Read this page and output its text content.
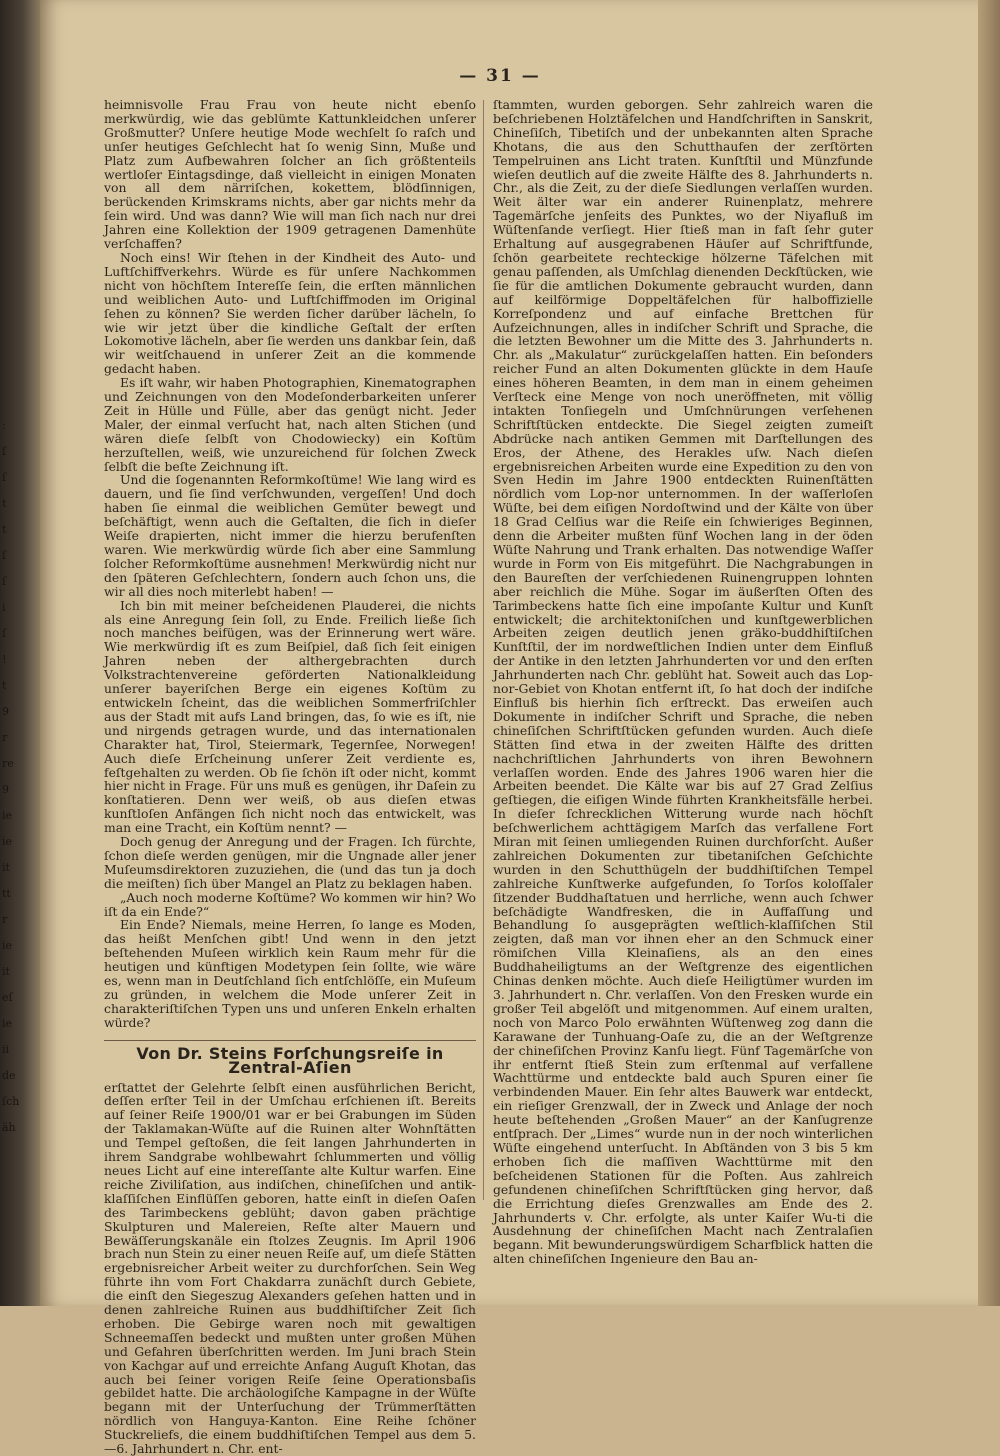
:
ſ
ſ
t
t
ſ
ſ
i
ſ
!
t
9
r
re
9
ie
ie
it
tt
r
ie
it
eſ
ie
ii
de
ſch
äh
— 31 —

heimnisvolle Frau Frau von heute nicht ebenſo merkwürdig, wie das geblümte Kattunkleidchen unſerer Großmutter? Unſere heutige Mode wechſelt ſo raſch und unſer heutiges Geſchlecht hat ſo wenig Sinn, Muße und Platz zum Aufbewahren ſolcher an ſich größtenteils wertloſer Eintagsdinge, daß vielleicht in einigen Monaten von all dem närriſchen, kokettem, blödſinnigen, berückenden Krimskrams nichts, aber gar nichts mehr da ſein wird. Und was dann? Wie will man ſich nach nur drei Jahren eine Kollektion der 1909 getragenen Damenhüte verſchaffen?

Noch eins! Wir ſtehen in der Kindheit des Auto- und Luftſchiffverkehrs. Würde es für unſere Nachkommen nicht von höchſtem Intereſſe ſein, die erſten männlichen und weiblichen Auto- und Luftſchiffmoden im Original ſehen zu können? Sie werden ſicher darüber lächeln, ſo wie wir jetzt über die kindliche Geſtalt der erſten Lokomotive lächeln, aber ſie werden uns dankbar ſein, daß wir weitſchauend in unſerer Zeit an die kommende gedacht haben.

Es iſt wahr, wir haben Photographien, Kinematographen und Zeichnungen von den Modeſonderbarkeiten unſerer Zeit in Hülle und Fülle, aber das genügt nicht. Jeder Maler, der einmal verſucht hat, nach alten Stichen (und wären dieſe ſelbſt von Chodowiecky) ein Koſtüm herzuſtellen, weiß, wie unzureichend für ſolchen Zweck ſelbſt die beſte Zeichnung iſt.

Und die ſogenannten Reformkoſtüme! Wie lang wird es dauern, und ſie ſind verſchwunden, vergeſſen! Und doch haben ſie einmal die weiblichen Gemüter bewegt und beſchäftigt, wenn auch die Geſtalten, die ſich in dieſer Weiſe drapierten, nicht immer die hierzu berufenſten waren. Wie merkwürdig würde ſich aber eine Sammlung ſolcher Reformkoſtüme ausnehmen! Merkwürdig nicht nur den ſpäteren Geſchlechtern, ſondern auch ſchon uns, die wir all dies noch miterlebt haben! —

Ich bin mit meiner beſcheidenen Plauderei, die nichts als eine Anregung ſein ſoll, zu Ende. Freilich ließe ſich noch manches beifügen, was der Erinnerung wert wäre. Wie merkwürdig iſt es zum Beiſpiel, daß ſich ſeit einigen Jahren neben der althergebrachten durch Volkstrachtenvereine geförderten Nationalkleidung unſerer bayeriſchen Berge ein eigenes Koſtüm zu entwickeln ſcheint, das die weiblichen Sommerfriſchler aus der Stadt mit aufs Land bringen, das, ſo wie es iſt, nie und nirgends getragen wurde, und das internationalen Charakter hat, Tirol, Steiermark, Tegernſee, Norwegen! Auch dieſe Erſcheinung unſerer Zeit verdiente es, feſtgehalten zu werden. Ob ſie ſchön iſt oder nicht, kommt hier nicht in Frage. Für uns muß es genügen, ihr Daſein zu konſtatieren. Denn wer weiß, ob aus dieſen etwas kunſtloſen Anfängen ſich nicht noch das entwickelt, was man eine Tracht, ein Koſtüm nennt? —

Doch genug der Anregung und der Fragen. Ich fürchte, ſchon dieſe werden genügen, mir die Ungnade aller jener Muſeumsdirektoren zuzuziehen, die (und das tun ja doch die meiſten) ſich über Mangel an Platz zu beklagen haben.

„Auch noch moderne Koſtüme? Wo kommen wir hin? Wo iſt da ein Ende?“

Ein Ende? Niemals, meine Herren, ſo lange es Moden, das heißt Menſchen gibt! Und wenn in den jetzt beſtehenden Muſeen wirklich kein Raum mehr für die heutigen und künftigen Modetypen ſein ſollte, wie wäre es, wenn man in Deutſchland ſich entſchlöſſe, ein Muſeum zu gründen, in welchem die Mode unſerer Zeit in charakteriſtiſchen Typen uns und unſeren Enkeln erhalten würde?

Von Dr. Steins Forſchungsreiſe in Zentral-Aſien

erſtattet der Gelehrte ſelbſt einen ausführlichen Bericht, deſſen erſter Teil in der Umſchau erſchienen iſt. Bereits auf ſeiner Reiſe 1900/01 war er bei Grabungen im Süden der Taklamakan-Wüſte auf die Ruinen alter Wohnſtätten und Tempel geſtoßen, die ſeit langen Jahrhunderten in ihrem Sandgrabe wohlbewahrt ſchlummerten und völlig neues Licht auf eine intereſſante alte Kultur warfen. Eine reiche Ziviliſation, aus indiſchen, chineſiſchen und antik-klaſſiſchen Einflüſſen geboren, hatte einſt in dieſen Oaſen des Tarimbeckens geblüht; davon gaben prächtige Skulpturen und Malereien, Reſte alter Mauern und Bewäſſerungskanäle ein ſtolzes Zeugnis. Im April 1906 brach nun Stein zu einer neuen Reiſe auf, um dieſe Stätten ergebnisreicher Arbeit weiter zu durchforſchen. Sein Weg führte ihn vom Fort Chakdarra zunächſt durch Gebiete, die einſt den Siegeszug Alexanders geſehen hatten und in denen zahlreiche Ruinen aus buddhiſtiſcher Zeit ſich erhoben. Die Gebirge waren noch mit gewaltigen Schneemaſſen bedeckt und mußten unter großen Mühen und Gefahren überſchritten werden. Im Juni brach Stein von Kachgar auf und erreichte Anfang Auguſt Khotan, das auch bei ſeiner vorigen Reiſe ſeine Operationsbaſis gebildet hatte. Die archäologiſche Kampagne in der Wüſte begann mit der Unterſuchung der Trümmerſtätten nördlich von Hanguya-Kanton. Eine Reihe ſchöner Stuckreliefs, die einem buddhiſtiſchen Tempel aus dem 5.—6. Jahrhundert n. Chr. ent-

ſtammten, wurden geborgen. Sehr zahlreich waren die beſchriebenen Holztäfelchen und Handſchriften in Sanskrit, Chineſiſch, Tibetiſch und der unbekannten alten Sprache Khotans, die aus den Schutthaufen der zerſtörten Tempelruinen ans Licht traten. Kunſtſtil und Münzfunde wieſen deutlich auf die zweite Hälfte des 8. Jahrhunderts n. Chr., als die Zeit, zu der dieſe Siedlungen verlaſſen wurden. Weit älter war ein anderer Ruinenplatz, mehrere Tagemärſche jenſeits des Punktes, wo der Niyafluß im Wüſtenſande verſiegt. Hier ſtieß man in faſt ſehr guter Erhaltung auf ausgegrabenen Häuſer auf Schriftfunde, ſchön gearbeitete rechteckige hölzerne Täfelchen mit genau paſſenden, als Umſchlag dienenden Deckſtücken, wie ſie für die amtlichen Dokumente gebraucht wurden, dann auf keilförmige Doppeltäfelchen für halboffizielle Korreſpondenz und auf einfache Brettchen für Aufzeichnungen, alles in indiſcher Schrift und Sprache, die die letzten Bewohner um die Mitte des 3. Jahrhunderts n. Chr. als „Makulatur“ zurückgelaſſen hatten. Ein beſonders reicher Fund an alten Dokumenten glückte in dem Hauſe eines höheren Beamten, in dem man in einem geheimen Verſteck eine Menge von noch uneröffneten, mit völlig intakten Tonſiegeln und Umſchnürungen verſehenen Schriftſtücken entdeckte. Die Siegel zeigten zumeiſt Abdrücke nach antiken Gemmen mit Darſtellungen des Eros, der Athene, des Herakles uſw. Nach dieſen ergebnisreichen Arbeiten wurde eine Expedition zu den von Sven Hedin im Jahre 1900 entdeckten Ruinenſtätten nördlich vom Lop-nor unternommen. In der waſſerloſen Wüſte, bei dem eiſigen Nordoſtwind und der Kälte von über 18 Grad Celſius war die Reiſe ein ſchwieriges Beginnen, denn die Arbeiter mußten fünf Wochen lang in der öden Wüſte Nahrung und Trank erhalten. Das notwendige Waſſer wurde in Form von Eis mitgeführt. Die Nachgrabungen in den Baureſten der verſchiedenen Ruinengruppen lohnten aber reichlich die Mühe. Sogar im äußerſten Oſten des Tarimbeckens hatte ſich eine impoſante Kultur und Kunſt entwickelt; die architektoniſchen und kunſtgewerblichen Arbeiten zeigen deutlich jenen gräko-buddhiſtiſchen Kunſtſtil, der im nordweſtlichen Indien unter dem Einfluß der Antike in den letzten Jahrhunderten vor und den erſten Jahrhunderten nach Chr. geblüht hat. Soweit auch das Lop-nor-Gebiet von Khotan entfernt iſt, ſo hat doch der indiſche Einfluß bis hierhin ſich erſtreckt. Das erweiſen auch Dokumente in indiſcher Schrift und Sprache, die neben chineſiſchen Schriftſtücken gefunden wurden. Auch dieſe Stätten ſind etwa in der zweiten Hälfte des dritten nachchriſtlichen Jahrhunderts von ihren Bewohnern verlaſſen worden. Ende des Jahres 1906 waren hier die Arbeiten beendet. Die Kälte war bis auf 27 Grad Zelſius geſtiegen, die eiſigen Winde führten Krankheitsfälle herbei. In dieſer ſchrecklichen Witterung wurde nach höchſt beſchwerlichem achttägigem Marſch das verfallene Fort Miran mit ſeinen umliegenden Ruinen durchforſcht. Außer zahlreichen Dokumenten zur tibetaniſchen Geſchichte wurden in den Schutthügeln der buddhiſtiſchen Tempel zahlreiche Kunſtwerke aufgefunden, ſo Torſos koloſſaler ſitzender Buddhaſtatuen und herrliche, wenn auch ſchwer beſchädigte Wandfresken, die in Auffaſſung und Behandlung ſo ausgeprägten weſtlich-klaſſiſchen Stil zeigten, daß man vor ihnen eher an den Schmuck einer römiſchen Villa Kleinaſiens, als an den eines Buddhaheiligtums an der Weſtgrenze des eigentlichen Chinas denken möchte. Auch dieſe Heiligtümer wurden im 3. Jahrhundert n. Chr. verlaſſen. Von den Fresken wurde ein großer Teil abgelöſt und mitgenommen. Auf einem uralten, noch von Marco Polo erwähnten Wüſtenweg zog dann die Karawane der Tunhuang-Oaſe zu, die an der Weſtgrenze der chineſiſchen Provinz Kanſu liegt. Fünf Tagemärſche von ihr entfernt ſtieß Stein zum erſtenmal auf verfallene Wachttürme und entdeckte bald auch Spuren einer ſie verbindenden Mauer. Ein ſehr altes Bauwerk war entdeckt, ein rieſiger Grenzwall, der in Zweck und Anlage der noch heute beſtehenden „Großen Mauer“ an der Kanſugrenze entſprach. Der „Limes“ wurde nun in der noch winterlichen Wüſte eingehend unterſucht. In Abſtänden von 3 bis 5 km erhoben ſich die maſſiven Wachttürme mit den beſcheidenen Stationen für die Poſten. Aus zahlreich gefundenen chineſiſchen Schriftſtücken ging hervor, daß die Errichtung dieſes Grenzwalles am Ende des 2. Jahrhunderts v. Chr. erfolgte, als unter Kaiſer Wu-ti die Ausdehnung der chineſiſchen Macht nach Zentralaſien begann. Mit bewunderungswürdigem Scharfblick hatten die alten chineſiſchen Ingenieure den Bau an-
